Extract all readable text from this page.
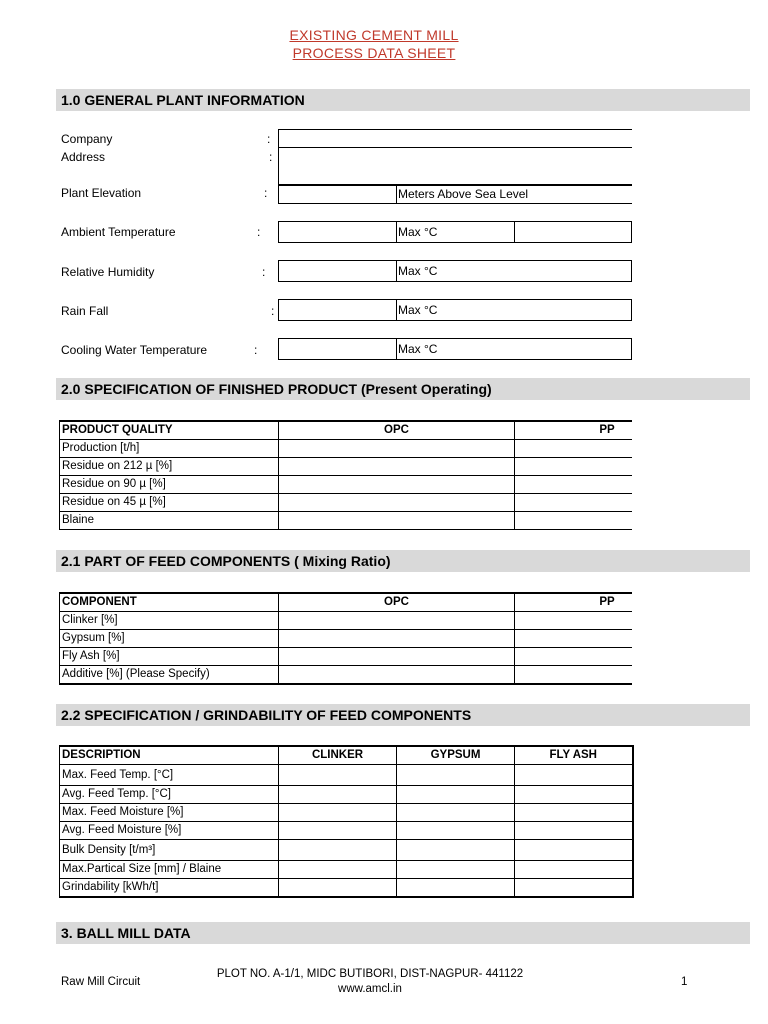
EXISTING CEMENT MILL
PROCESS DATA SHEET
1.0 GENERAL PLANT INFORMATION
Company	:
Address	:
Plant Elevation	:	Meters Above Sea Level
Ambient Temperature	:	Max °C
Relative Humidity	:	Max °C
Rain Fall	:	Max °C
Cooling Water Temperature	:	Max °C
2.0 SPECIFICATION OF FINISHED PRODUCT (Present Operating)
PRODUCT QUALITY	OPC	PP
Production [t/h]		
Residue on 212 µ [%]		
Residue on 90 µ [%]		
Residue on 45 µ [%]		
Blaine		
2.1 PART OF FEED COMPONENTS ( Mixing Ratio)
COMPONENT	OPC	PP
Clinker [%]		
Gypsum [%]		
Fly Ash [%]		
Additive [%] (Please Specify)		
2.2 SPECIFICATION / GRINDABILITY OF FEED COMPONENTS
DESCRIPTION	CLINKER	GYPSUM	FLY ASH
Max. Feed Temp. [°C]			
Avg. Feed Temp. [°C]			
Max. Feed Moisture [%]			
Avg. Feed Moisture [%]			
Bulk Density [t/m³]			
Max.Partical Size [mm] / Blaine			
Grindability [kWh/t]			
3. BALL MILL DATA
Raw Mill Circuit
PLOT NO. A-1/1, MIDC BUTIBORI, DIST-NAGPUR- 441122
www.amcl.in
1
